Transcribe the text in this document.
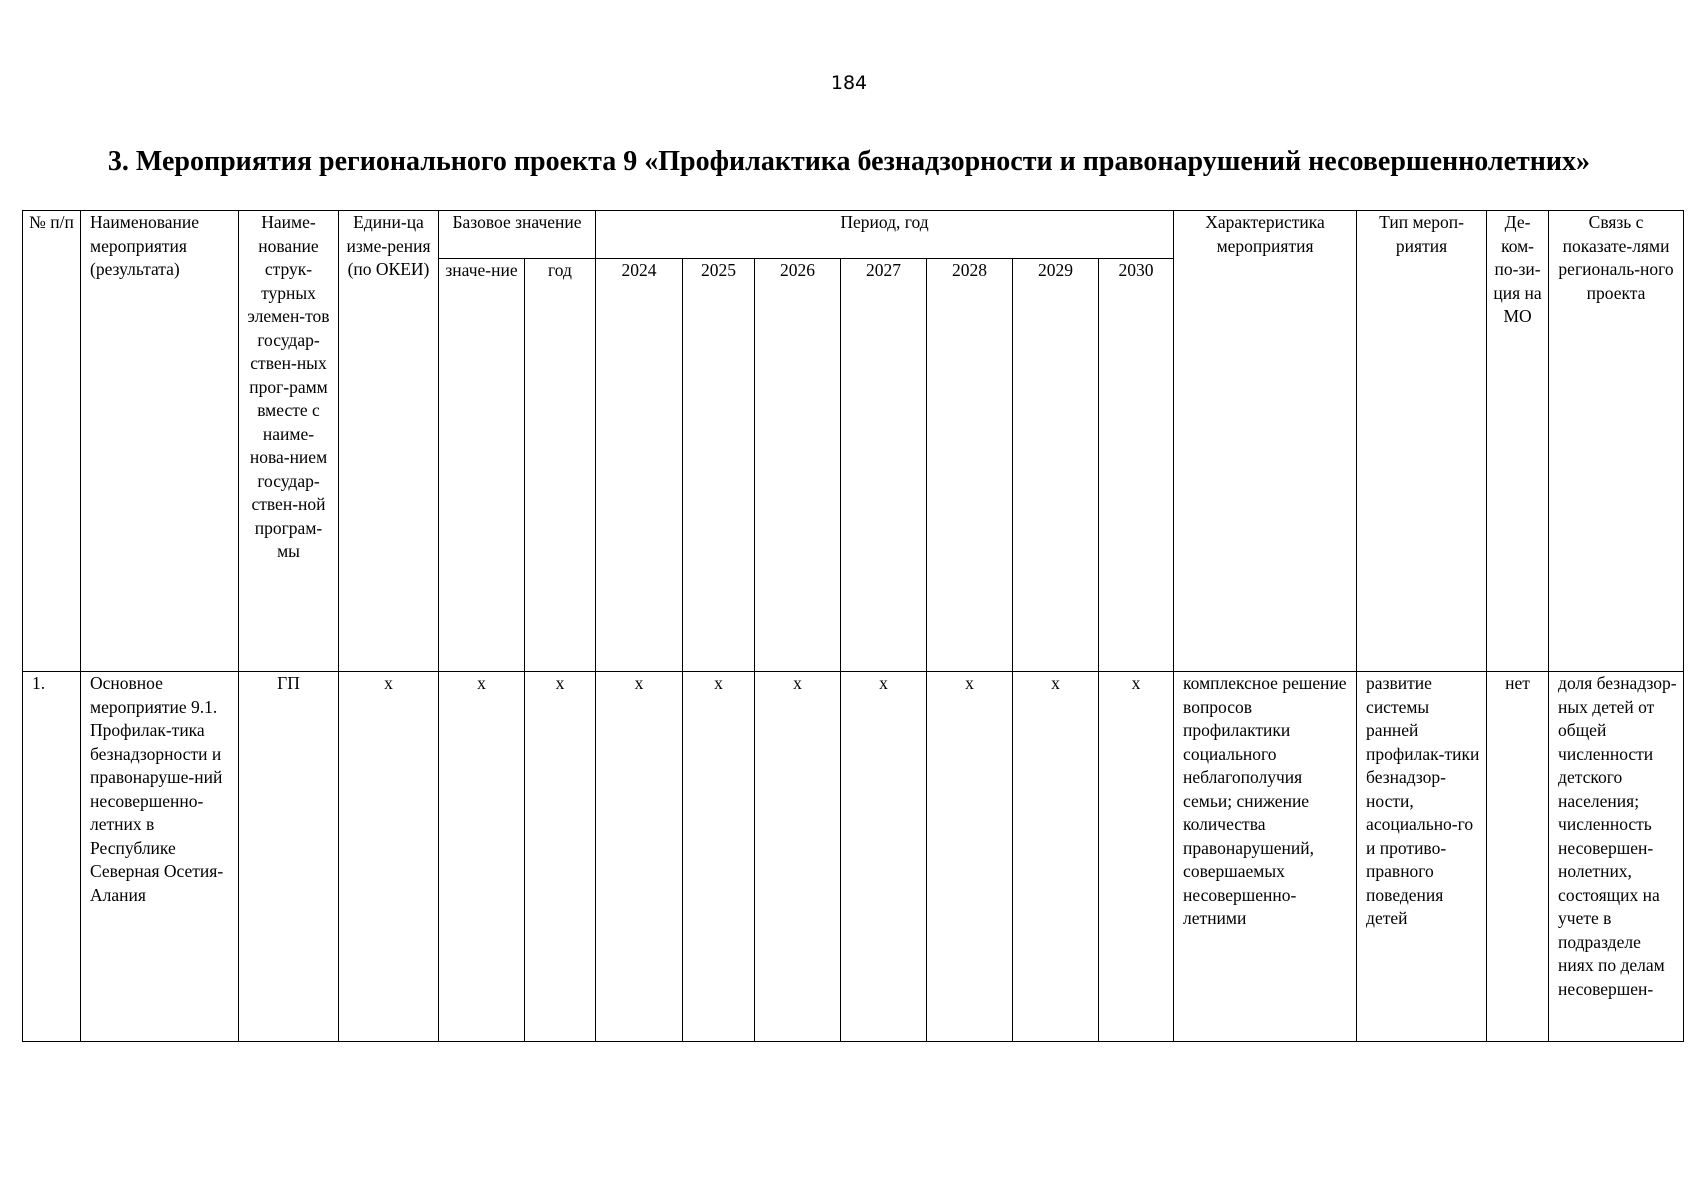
184
3. Мероприятия регионального проекта 9 «Профилактика безнадзорности и правонарушений несовершеннолетних»
№ п/п	Наименование мероприятия (результата)	Наиме-нование струк-турных элемен-тов государ-ствен-ных прог-рамм вместе с наиме-нова-нием государ-ствен-ной програм-мы	Едини-ца изме-рения (по ОКЕИ)	Базовое значение		Период, год							Характеристика мероприятия	Тип мероп-риятия	Де-ком-по-зи-ция на МО	Связь с показате-лями региональ-ного проекта
				значе-ние	год	2024	2025	2026	2027	2028	2029	2030				
1.	Основное мероприятие 9.1. Профилак-тика безнадзорности и правонаруше-ний несовершенно-летних в Республике Северная Осетия-Алания	ГП	х	х	х	х	х	х	х	х	х	х	комплексное решение вопросов профилактики социального неблагополучия семьи; снижение количества правонарушений, совершаемых несовершенно-летними	развитие системы ранней профилак-тики безнадзор-ности, асоциально-го и противо-правного поведения детей	нет	доля безнадзор-ных детей от общей численности детского населения; численность несовершен-нолетних, состоящих на учете в подразделе ниях по делам несовершен-
